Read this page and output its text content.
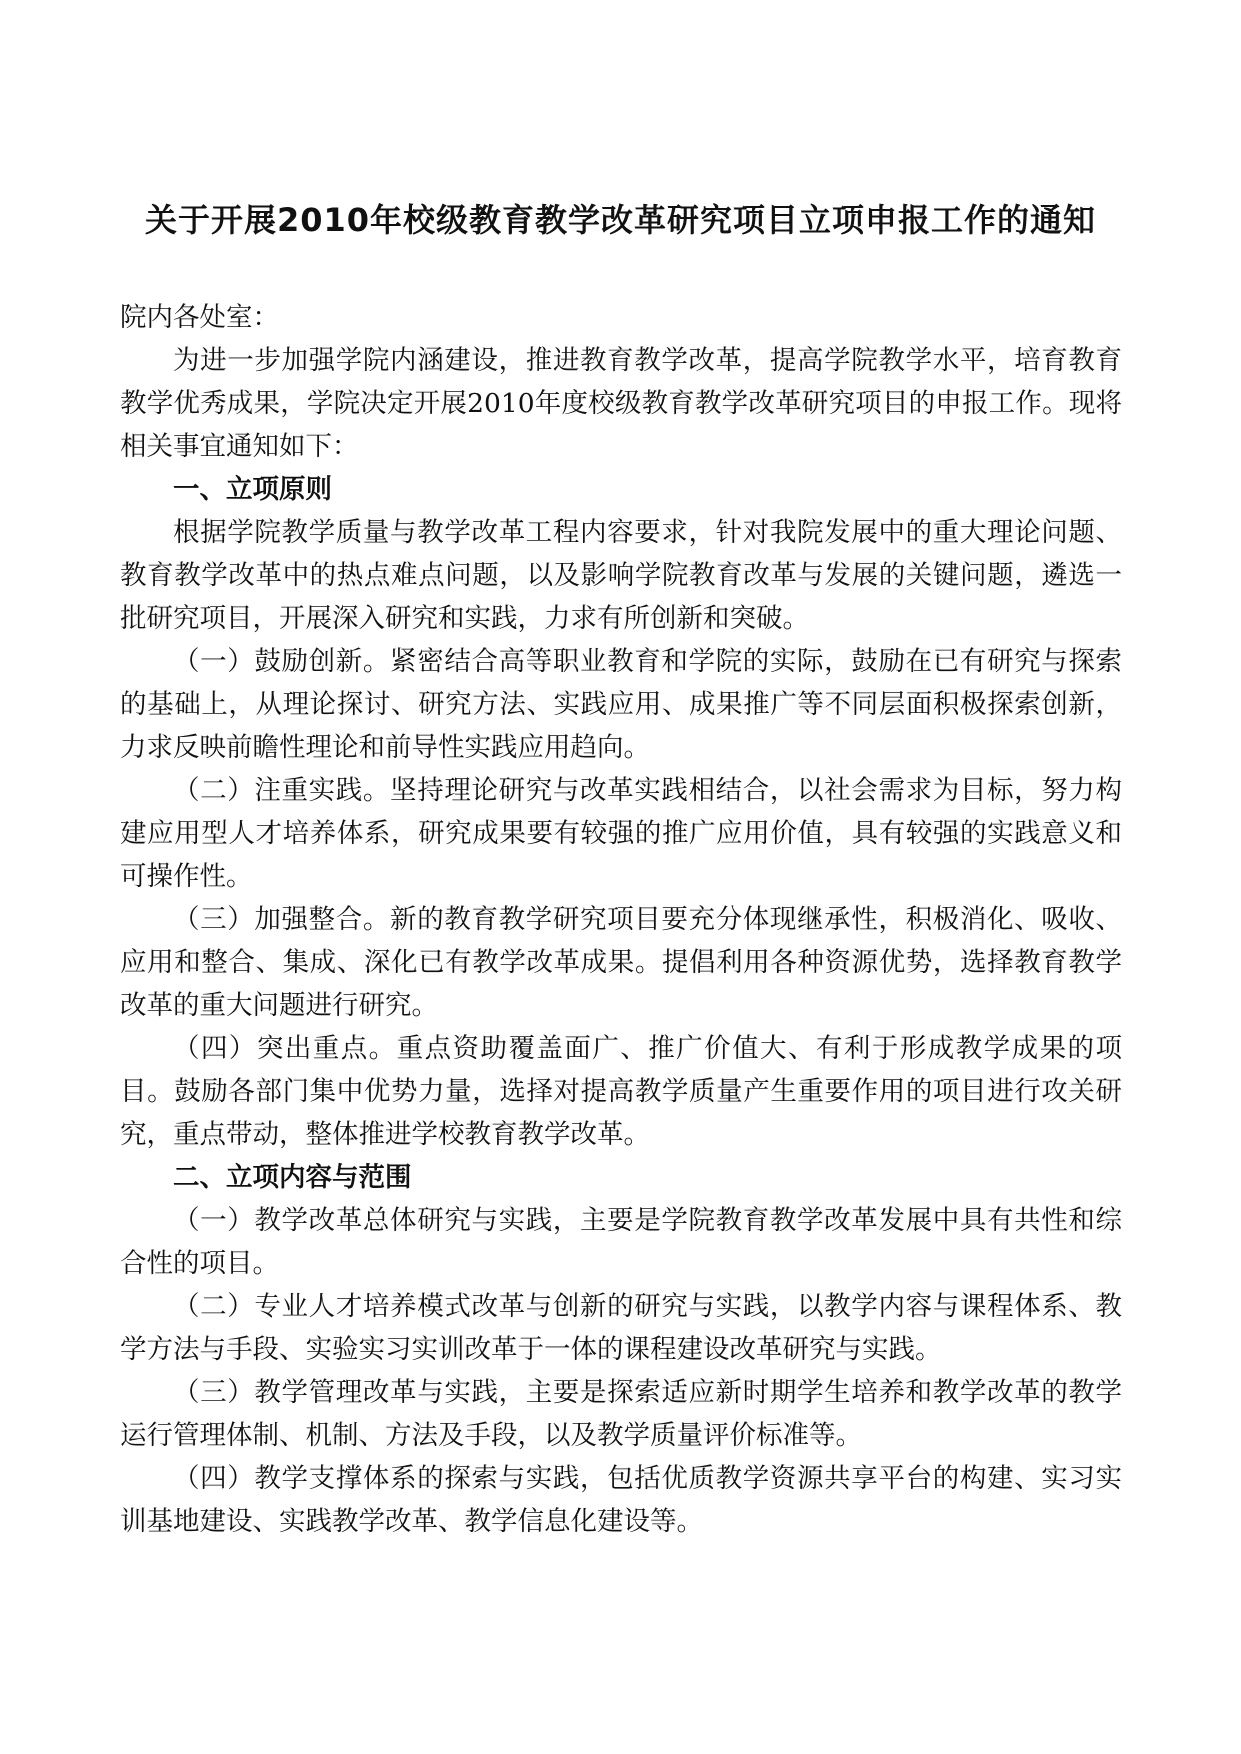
关于开展2010年校级教育教学改革研究项目立项申报工作的通知

院内各处室：

为进一步加强学院内涵建设，推进教育教学改革，提高学院教学水平，培育教育教学优秀成果，学院决定开展2010年度校级教育教学改革研究项目的申报工作。现将相关事宜通知如下：

一、立项原则

根据学院教学质量与教学改革工程内容要求，针对我院发展中的重大理论问题、教育教学改革中的热点难点问题，以及影响学院教育改革与发展的关键问题，遴选一批研究项目，开展深入研究和实践，力求有所创新和突破。

（一）鼓励创新。紧密结合高等职业教育和学院的实际，鼓励在已有研究与探索的基础上，从理论探讨、研究方法、实践应用、成果推广等不同层面积极探索创新，力求反映前瞻性理论和前导性实践应用趋向。

（二）注重实践。坚持理论研究与改革实践相结合，以社会需求为目标，努力构建应用型人才培养体系，研究成果要有较强的推广应用价值，具有较强的实践意义和可操作性。

（三）加强整合。新的教育教学研究项目要充分体现继承性，积极消化、吸收、应用和整合、集成、深化已有教学改革成果。提倡利用各种资源优势，选择教育教学改革的重大问题进行研究。

（四）突出重点。重点资助覆盖面广、推广价值大、有利于形成教学成果的项目。鼓励各部门集中优势力量，选择对提高教学质量产生重要作用的项目进行攻关研究，重点带动，整体推进学校教育教学改革。

二、立项内容与范围

（一）教学改革总体研究与实践，主要是学院教育教学改革发展中具有共性和综合性的项目。

（二）专业人才培养模式改革与创新的研究与实践，以教学内容与课程体系、教学方法与手段、实验实习实训改革于一体的课程建设改革研究与实践。

（三）教学管理改革与实践，主要是探索适应新时期学生培养和教学改革的教学运行管理体制、机制、方法及手段，以及教学质量评价标准等。

（四）教学支撑体系的探索与实践，包括优质教学资源共享平台的构建、实习实训基地建设、实践教学改革、教学信息化建设等。
